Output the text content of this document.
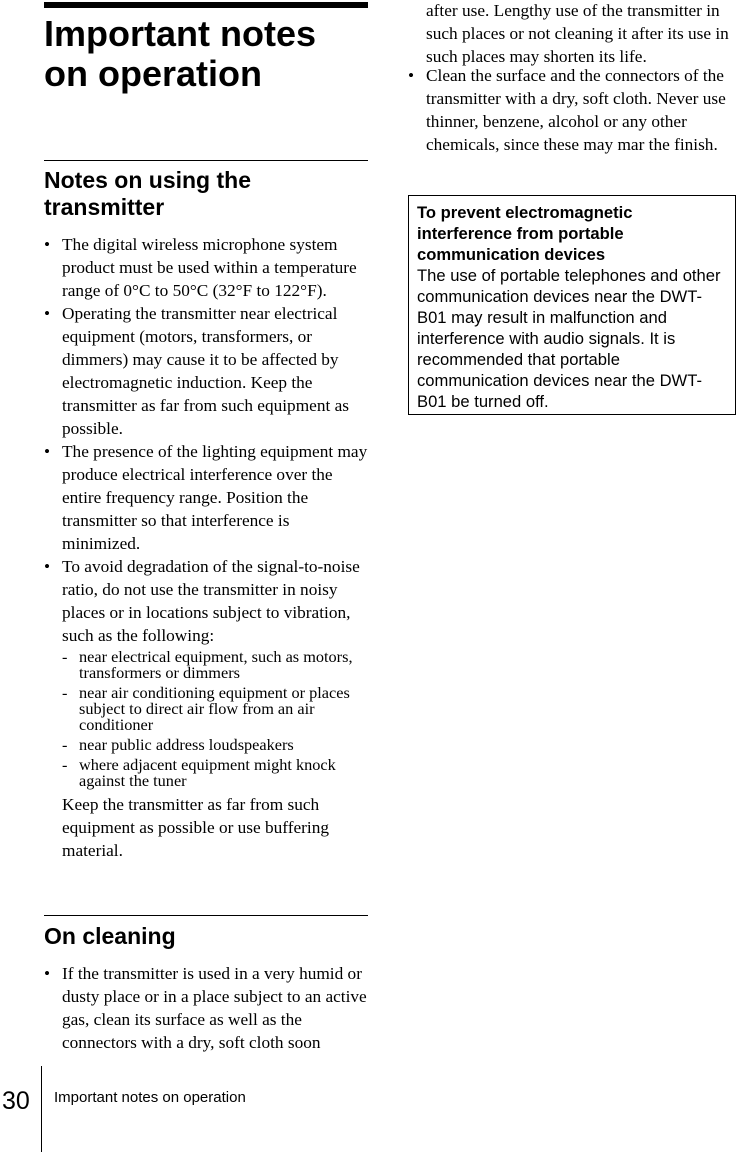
Important notes on operation
Notes on using the transmitter
• The digital wireless microphone system product must be used within a temperature range of 0°C to 50°C (32°F to 122°F).
• Operating the transmitter near electrical equipment (motors, transformers, or dimmers) may cause it to be affected by electromagnetic induction. Keep the transmitter as far from such equipment as possible.
• The presence of the lighting equipment may produce electrical interference over the entire frequency range. Position the transmitter so that interference is minimized.
• To avoid degradation of the signal-to-noise ratio, do not use the transmitter in noisy places or in locations subject to vibration, such as the following:
- near electrical equipment, such as motors, transformers or dimmers
- near air conditioning equipment or places subject to direct air flow from an air conditioner
- near public address loudspeakers
- where adjacent equipment might knock against the tuner
Keep the transmitter as far from such equipment as possible or use buffering material.
On cleaning
• If the transmitter is used in a very humid or dusty place or in a place subject to an active gas, clean its surface as well as the connectors with a dry, soft cloth soon
after use. Lengthy use of the transmitter in such places or not cleaning it after its use in such places may shorten its life.
• Clean the surface and the connectors of the transmitter with a dry, soft cloth. Never use thinner, benzene, alcohol or any other chemicals, since these may mar the finish.

To prevent electromagnetic interference from portable communication devices

The use of portable telephones and other communication devices near the DWT-B01 may result in malfunction and interference with audio signals. It is recommended that portable communication devices near the DWT-B01 be turned off.

30 Important notes on operation
